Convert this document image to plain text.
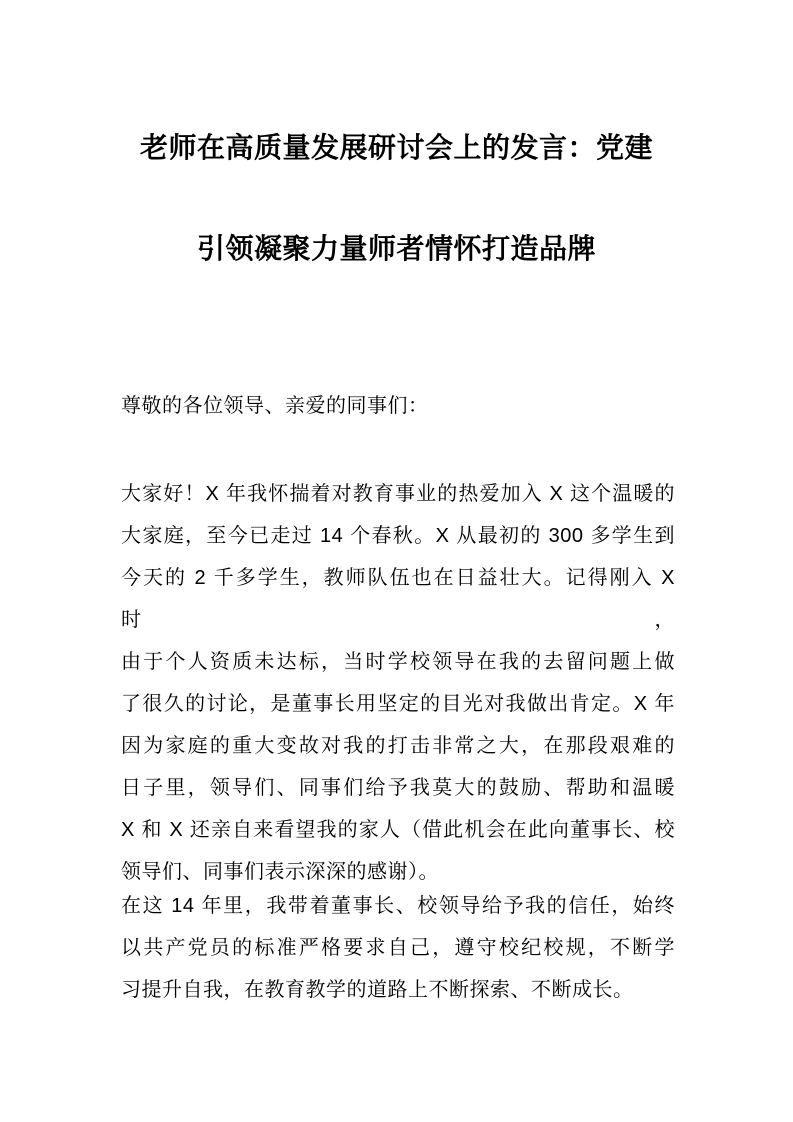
老师在高质量发展研讨会上的发言：党建
引领凝聚力量师者情怀打造品牌

尊敬的各位领导、亲爱的同事们：

大家好！X 年我怀揣着对教育事业的热爱加入 X 这个温暖的
大家庭，至今已走过 14 个春秋。X 从最初的 300 多学生到
今天的 2 千多学生，教师队伍也在日益壮大。记得刚入 X 时，
由于个人资质未达标，当时学校领导在我的去留问题上做
了很久的讨论，是董事长用坚定的目光对我做出肯定。X 年
因为家庭的重大变故对我的打击非常之大，在那段艰难的
日子里，领导们、同事们给予我莫大的鼓励、帮助和温暖
X 和 X 还亲自来看望我的家人（借此机会在此向董事长、校
领导们、同事们表示深深的感谢）。
在这 14 年里，我带着董事长、校领导给予我的信任，始终
以共产党员的标准严格要求自己，遵守校纪校规，不断学
习提升自我，在教育教学的道路上不断探索、不断成长。
